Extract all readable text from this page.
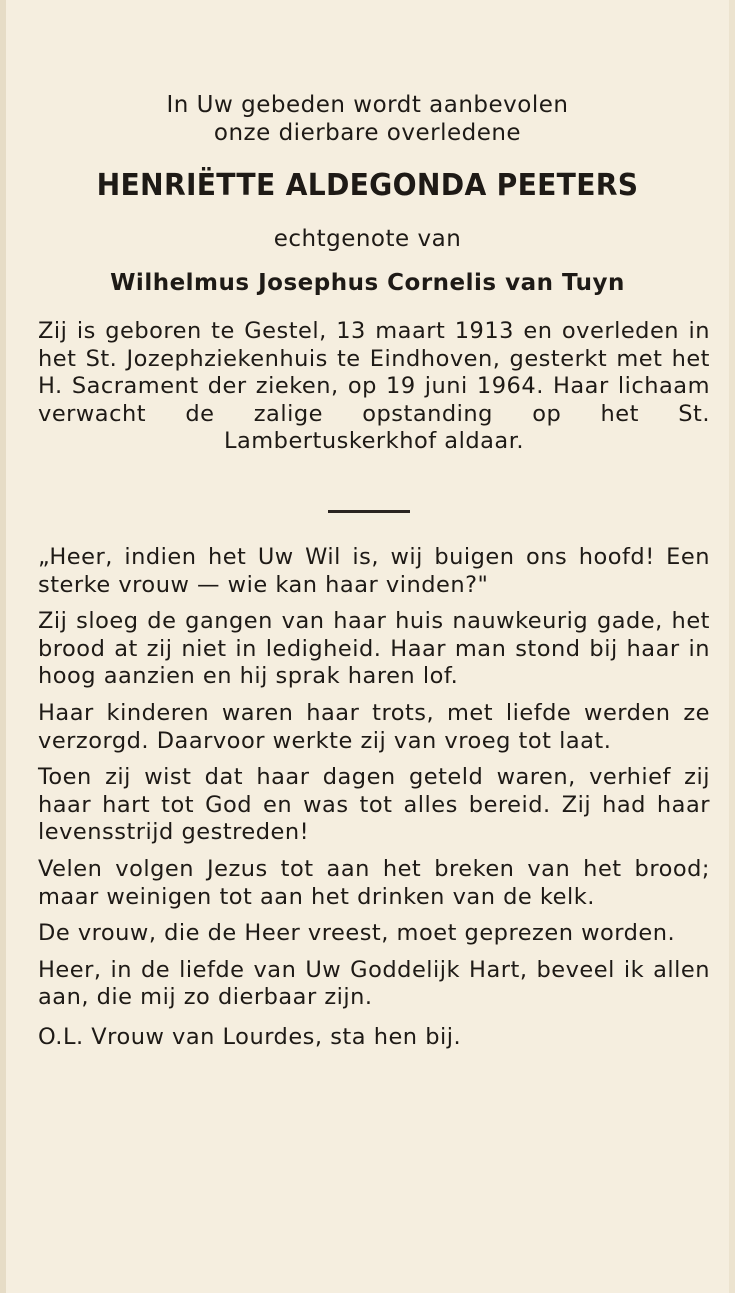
In Uw gebeden wordt aanbevolen
onze dierbare overledene
HENRIËTTE ALDEGONDA PEETERS
echtgenote van
Wilhelmus Josephus Cornelis van Tuyn
Zij is geboren te Gestel, 13 maart 1913 en overleden in het St. Jozephziekenhuis te Eindhoven, gesterkt met het H. Sacrament der zieken, op 19 juni 1964. Haar lichaam verwacht de zalige opstanding op het St. Lambertuskerkhof aldaar.

„Heer, indien het Uw Wil is, wij buigen ons hoofd! Een sterke vrouw — wie kan haar vinden?"

Zij sloeg de gangen van haar huis nauwkeurig gade, het brood at zij niet in ledigheid. Haar man stond bij haar in hoog aanzien en hij sprak haren lof.

Haar kinderen waren haar trots, met liefde werden ze verzorgd. Daarvoor werkte zij van vroeg tot laat.

Toen zij wist dat haar dagen geteld waren, verhief zij haar hart tot God en was tot alles bereid. Zij had haar levensstrijd gestreden!

Velen volgen Jezus tot aan het breken van het brood; maar weinigen tot aan het drinken van de kelk.

De vrouw, die de Heer vreest, moet geprezen worden.

Heer, in de liefde van Uw Goddelijk Hart, beveel ik allen aan, die mij zo dierbaar zijn.

O.L. Vrouw van Lourdes, sta hen bij.
